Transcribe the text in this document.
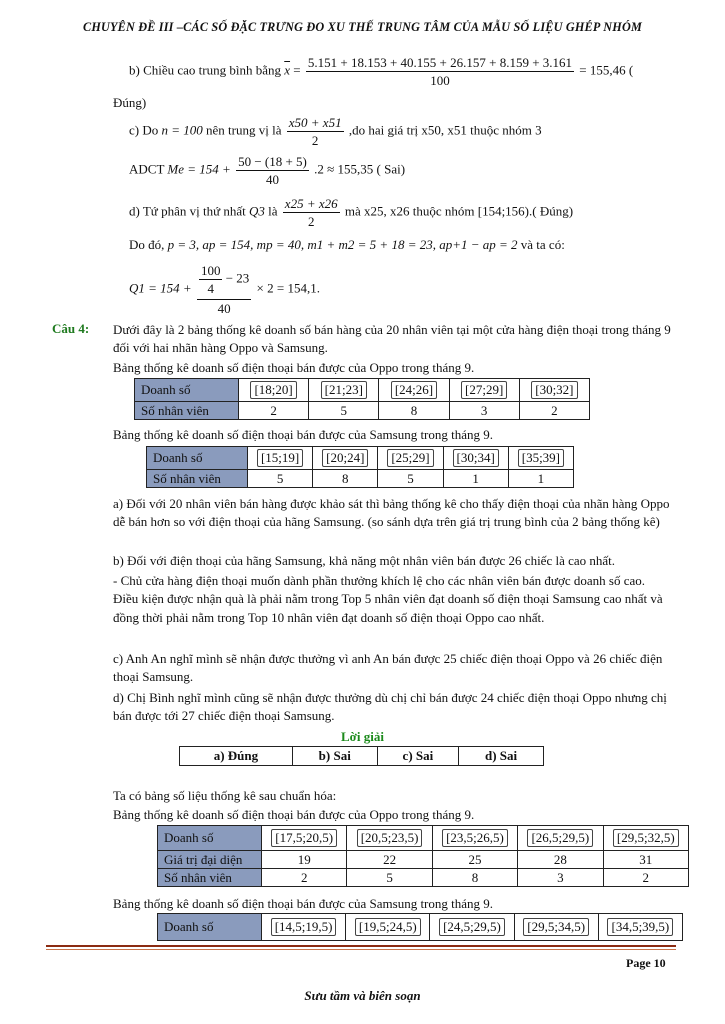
CHUYÊN ĐỀ III –CÁC SỐ ĐẶC TRƯNG ĐO XU THẾ TRUNG TÂM CỦA MẪU SỐ LIỆU GHÉP NHÓM
b) Chiều cao trung bình bằng $\overline{x} = \frac{5.151 + 18.153 + 40.155 + 26.157 + 8.159 + 3.161}{100} = 155,46$ (
Đúng)
c) Do n = 100 nên trung vị là $\frac{x50 + x51}{2} ,do$ hai giá trị x50, x51 thuộc nhóm 3
ADCT $Me = 154 + \frac{50 - (18 + 5)}{40} .2 \approx 155,35$ ( Sai)
d) Tứ phân vị thứ nhất Q3 là $\frac{x25 + x26}{2}$ mà x25, x26 thuộc nhóm [154;156).( Đúng)
Do đó, p = 3, ap = 154, mp = 40, m1 + m2 = 5 + 18 = 23, ap+1 − ap = 2 và ta có:
$Q1 = 154 + \frac{\frac{100}{4} - 23}{40} \times 2 = 154,1$.
Câu 4: Dưới đây là 2 bảng thống kê doanh số bán hàng của 20 nhân viên tại một cửa hàng điện thoại trong tháng 9 đối với hai nhãn hàng Oppo và Samsung.
Bảng thống kê doanh số điện thoại bán được của Oppo trong tháng 9.
Doanh số	[18;20]	[21;23]	[24;26]	[27;29]	[30;32]
Số nhân viên	2	5	8	3	2
Bảng thống kê doanh số điện thoại bán được của Samsung trong tháng 9.
Doanh số	[15;19]	[20;24]	[25;29]	[30;34]	[35;39]
Số nhân viên	5	8	5	1	1
a) Đối với 20 nhân viên bán hàng được khảo sát thì bảng thống kê cho thấy điện thoại của nhãn hàng Oppo dễ bán hơn so với điện thoại của hãng Samsung. (so sánh dựa trên giá trị trung bình của 2 bảng thống kê)
b) Đối với điện thoại của hãng Samsung, khả năng một nhân viên bán được 26 chiếc là cao nhất.
- Chủ cửa hàng điện thoại muốn dành phần thưởng khích lệ cho các nhân viên bán được doanh số cao. Điều kiện được nhận quà là phải nằm trong Top 5 nhân viên đạt doanh số điện thoại Samsung cao nhất và đồng thời phải nằm trong Top 10 nhân viên đạt doanh số điện thoại Oppo cao nhất.
c) Anh An nghĩ mình sẽ nhận được thưởng vì anh An bán được 25 chiếc điện thoại Oppo và 26 chiếc điện thoại Samsung.
d) Chị Bình nghĩ mình cũng sẽ nhận được thưởng dù chị chỉ bán được 24 chiếc điện thoại Oppo nhưng chị bán được tới 27 chiếc điện thoại Samsung.
Lời giải
a) Đúng	b) Sai	c) Sai	d) Sai
Ta có bảng số liệu thống kê sau chuẩn hóa:
Bảng thống kê doanh số điện thoại bán được của Oppo trong tháng 9.
Doanh số	[17,5;20,5)	[20,5;23,5)	[23,5;26,5)	[26,5;29,5)	[29,5;32,5)
Giá trị đại diện	19	22	25	28	31
Số nhân viên	2	5	8	3	2
Bảng thống kê doanh số điện thoại bán được của Samsung trong tháng 9.
Doanh số	[14,5;19,5)	[19,5;24,5)	[24,5;29,5)	[29,5;34,5)	[34,5;39,5)
Page 10
Sưu tầm và biên soạn
